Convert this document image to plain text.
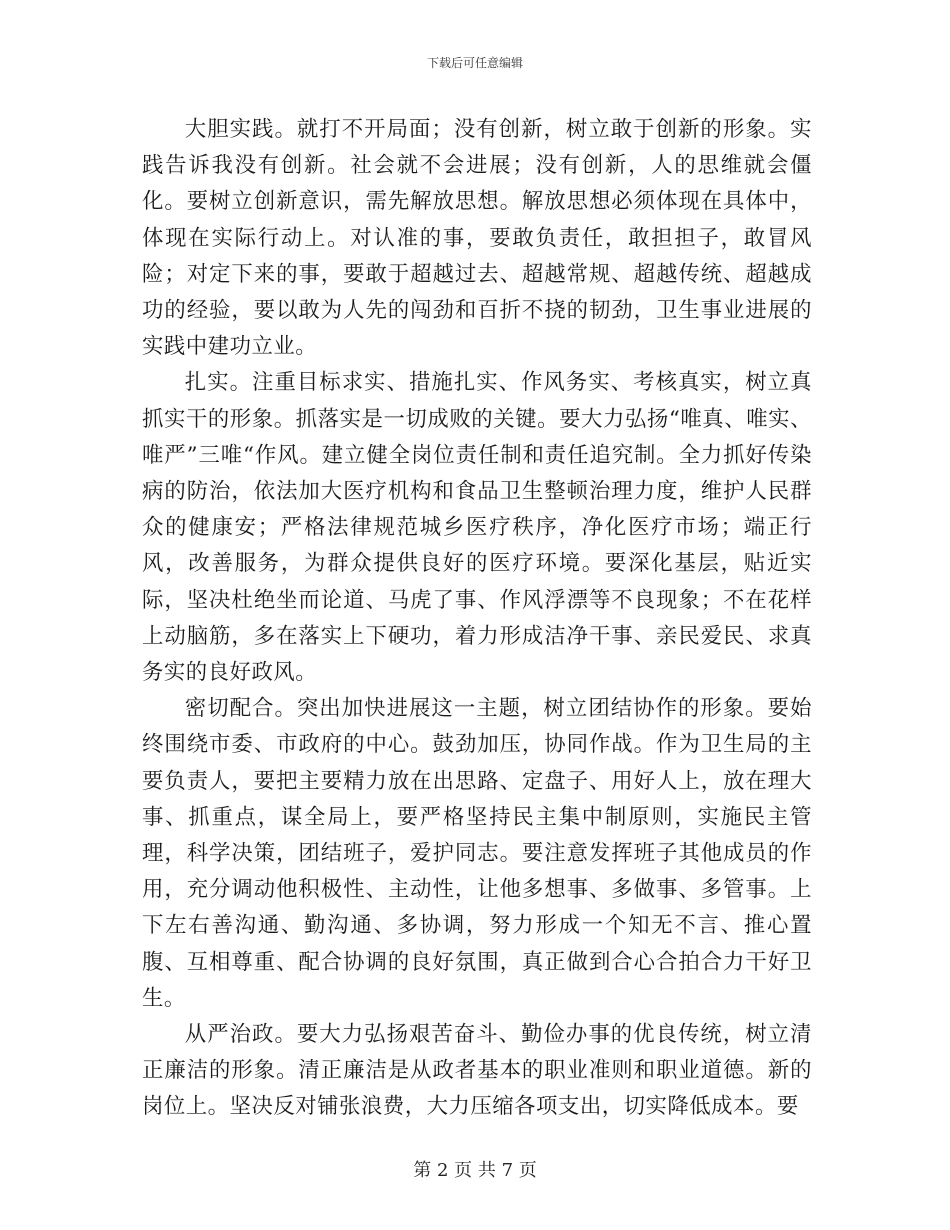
下载后可任意编辑

大胆实践。就打不开局面；没有创新，树立敢于创新的形象。实践告诉我没有创新。社会就不会进展；没有创新，人的思维就会僵化。要树立创新意识，需先解放思想。解放思想必须体现在具体中，体现在实际行动上。对认准的事，要敢负责任，敢担担子，敢冒风险；对定下来的事，要敢于超越过去、超越常规、超越传统、超越成功的经验，要以敢为人先的闯劲和百折不挠的韧劲，卫生事业进展的实践中建功立业。

扎实。注重目标求实、措施扎实、作风务实、考核真实，树立真抓实干的形象。抓落实是一切成败的关键。要大力弘扬“唯真、唯实、唯严”三唯“作风。建立健全岗位责任制和责任追究制。全力抓好传染病的防治，依法加大医疗机构和食品卫生整顿治理力度，维护人民群众的健康安；严格法律规范城乡医疗秩序，净化医疗市场；端正行风，改善服务，为群众提供良好的医疗环境。要深化基层，贴近实际，坚决杜绝坐而论道、马虎了事、作风浮漂等不良现象；不在花样上动脑筋，多在落实上下硬功，着力形成洁净干事、亲民爱民、求真务实的良好政风。

密切配合。突出加快进展这一主题，树立团结协作的形象。要始终围绕市委、市政府的中心。鼓劲加压，协同作战。作为卫生局的主要负责人，要把主要精力放在出思路、定盘子、用好人上，放在理大事、抓重点，谋全局上，要严格坚持民主集中制原则，实施民主管理，科学决策，团结班子，爱护同志。要注意发挥班子其他成员的作用，充分调动他积极性、主动性，让他多想事、多做事、多管事。上下左右善沟通、勤沟通、多协调，努力形成一个知无不言、推心置腹、互相尊重、配合协调的良好氛围，真正做到合心合拍合力干好卫生。

从严治政。要大力弘扬艰苦奋斗、勤俭办事的优良传统，树立清正廉洁的形象。清正廉洁是从政者基本的职业准则和职业道德。新的岗位上。坚决反对铺张浪费，大力压缩各项支出，切实降低成本。要

第 2 页 共 7 页
